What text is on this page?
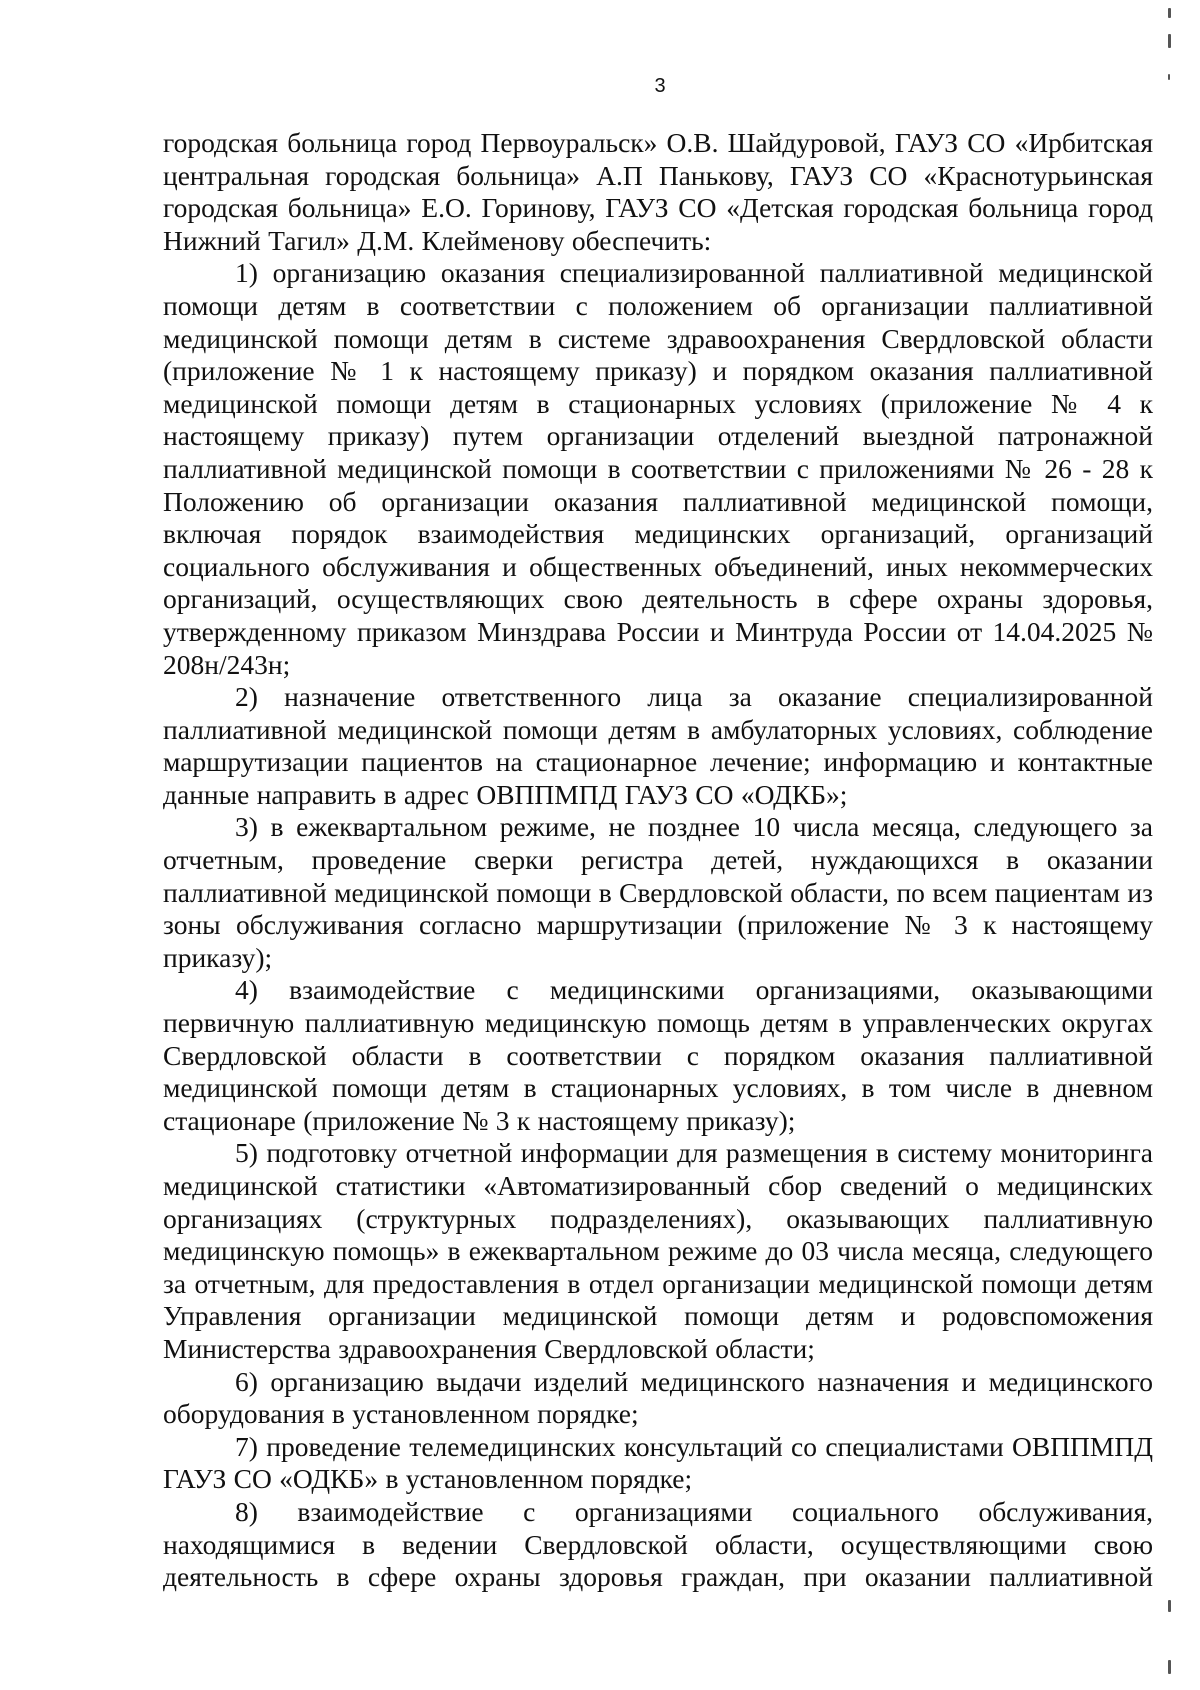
3

городская больница город Первоуральск» О.В. Шайдуровой, ГАУЗ СО «Ирбитская центральная городская больница» А.П Панькову, ГАУЗ СО «Краснотурьинская городская больница» Е.О. Горинову, ГАУЗ СО «Детская городская больница город Нижний Тагил» Д.М. Клейменову обеспечить:

1) организацию оказания специализированной паллиативной медицинской помощи детям в соответствии с положением об организации паллиативной медицинской помощи детям в системе здравоохранения Свердловской области (приложение № 1 к настоящему приказу) и порядком оказания паллиативной медицинской помощи детям в стационарных условиях (приложение № 4 к настоящему приказу) путем организации отделений выездной патронажной паллиативной медицинской помощи в соответствии с приложениями № 26 - 28 к Положению об организации оказания паллиативной медицинской помощи, включая порядок взаимодействия медицинских организаций, организаций социального обслуживания и общественных объединений, иных некоммерческих организаций, осуществляющих свою деятельность в сфере охраны здоровья, утвержденному приказом Минздрава России и Минтруда России от 14.04.2025 № 208н/243н;

2) назначение ответственного лица за оказание специализированной паллиативной медицинской помощи детям в амбулаторных условиях, соблюдение маршрутизации пациентов на стационарное лечение; информацию и контактные данные направить в адрес ОВППМПД ГАУЗ СО «ОДКБ»;

3) в ежеквартальном режиме, не позднее 10 числа месяца, следующего за отчетным, проведение сверки регистра детей, нуждающихся в оказании паллиативной медицинской помощи в Свердловской области, по всем пациентам из зоны обслуживания согласно маршрутизации (приложение № 3 к настоящему приказу);

4) взаимодействие с медицинскими организациями, оказывающими первичную паллиативную медицинскую помощь детям в управленческих округах Свердловской области в соответствии с порядком оказания паллиативной медицинской помощи детям в стационарных условиях, в том числе в дневном стационаре (приложение № 3 к настоящему приказу);

5) подготовку отчетной информации для размещения в систему мониторинга медицинской статистики «Автоматизированный сбор сведений о медицинских организациях (структурных подразделениях), оказывающих паллиативную медицинскую помощь» в ежеквартальном режиме до 03 числа месяца, следующего за отчетным, для предоставления в отдел организации медицинской помощи детям Управления организации медицинской помощи детям и родовспоможения Министерства здравоохранения Свердловской области;

6) организацию выдачи изделий медицинского назначения и медицинского оборудования в установленном порядке;

7) проведение телемедицинских консультаций со специалистами ОВППМПД ГАУЗ СО «ОДКБ» в установленном порядке;

8) взаимодействие с организациями социального обслуживания, находящимися в ведении Свердловской области, осуществляющими свою деятельность в сфере охраны здоровья граждан, при оказании паллиативной
